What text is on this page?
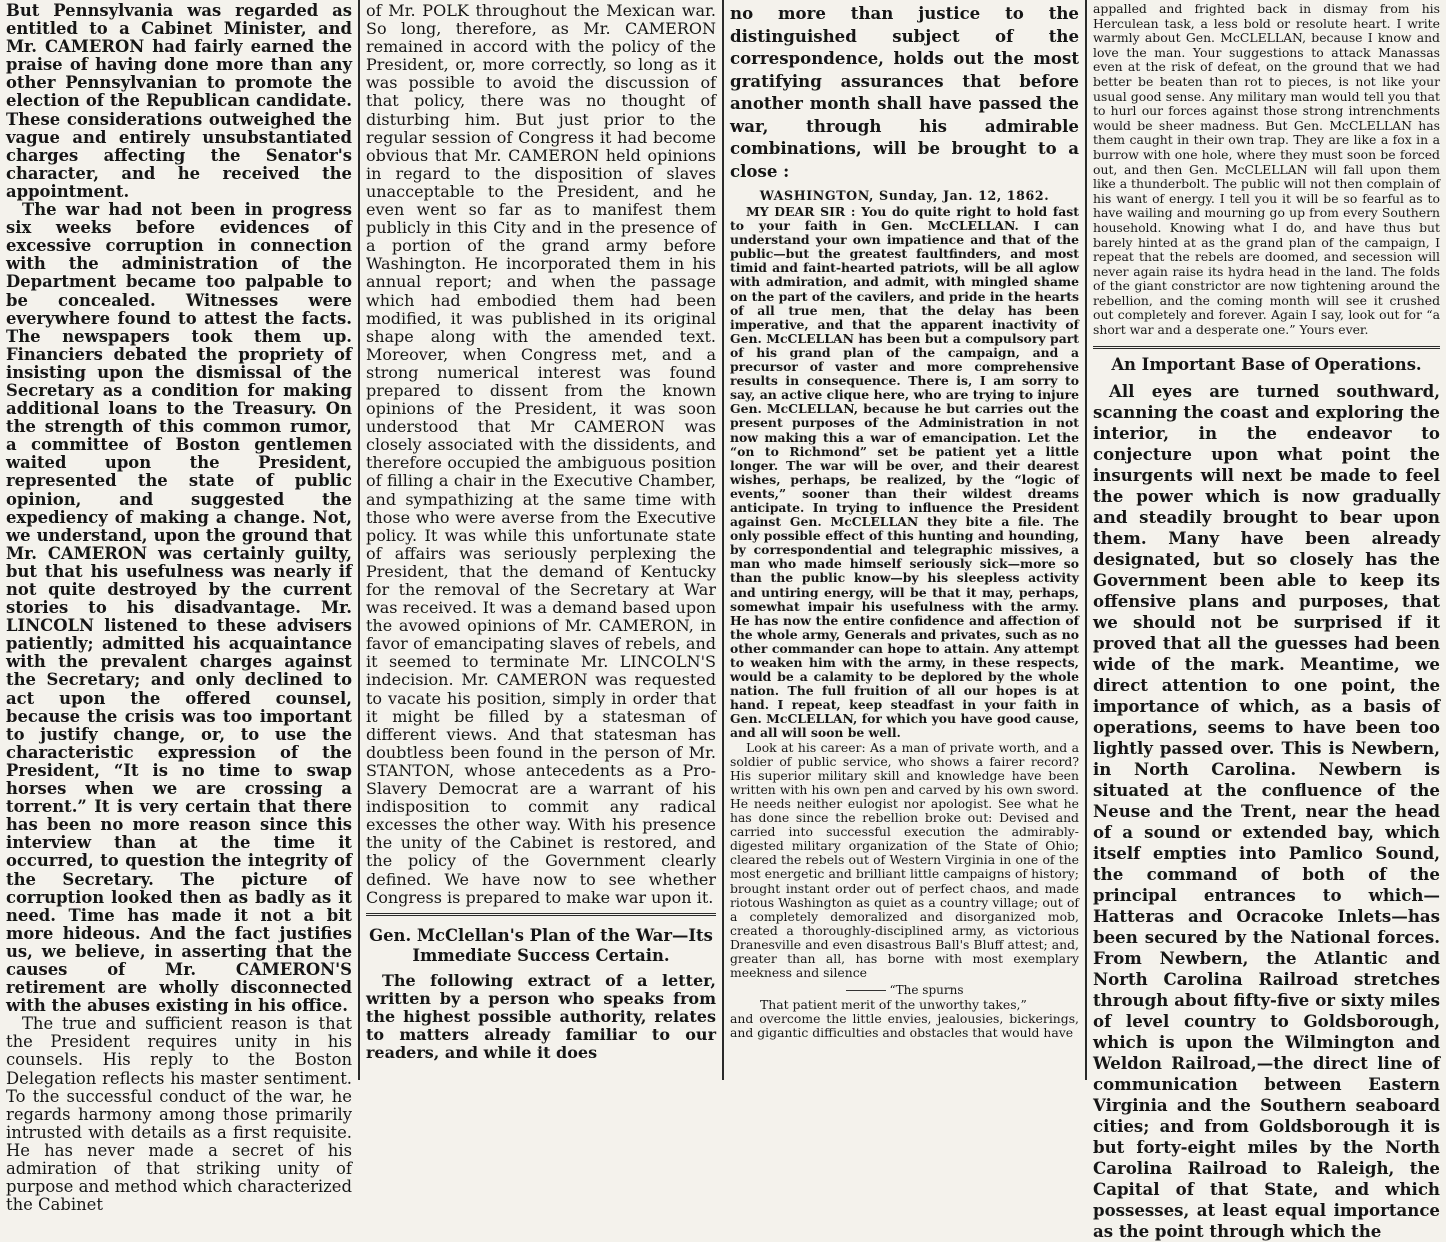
But Pennsylvania was regarded as entitled to a Cabinet Minister, and Mr. CAMERON had fairly earned the praise of having done more than any other Pennsylvanian to promote the election of the Republican candidate. These considerations outweighed the vague and entirely unsubstantiated charges affecting the Senator's character, and he received the appointment.

The war had not been in progress six weeks before evidences of excessive corruption in connection with the administration of the Department became too palpable to be concealed. Witnesses were everywhere found to attest the facts. The newspapers took them up. Financiers debated the propriety of insisting upon the dismissal of the Secretary as a condition for making additional loans to the Treasury. On the strength of this common rumor, a committee of Boston gentlemen waited upon the President, represented the state of public opinion, and suggested the expediency of making a change. Not, we understand, upon the ground that Mr. CAMERON was certainly guilty, but that his usefulness was nearly if not quite destroyed by the current stories to his disadvantage. Mr. LINCOLN listened to these advisers patiently; admitted his acquaintance with the prevalent charges against the Secretary; and only declined to act upon the offered counsel, because the crisis was too important to justify change, or, to use the characteristic expression of the President, “It is no time to swap horses when we are crossing a torrent.” It is very certain that there has been no more reason since this interview than at the time it occurred, to question the integrity of the Secretary. The picture of corruption looked then as badly as it need. Time has made it not a bit more hideous. And the fact justifies us, we believe, in asserting that the causes of Mr. CAMERON'S retirement are wholly disconnected with the abuses existing in his office.

The true and sufficient reason is that the President requires unity in his counsels. His reply to the Boston Delegation reflects his master sentiment. To the successful conduct of the war, he regards harmony among those primarily intrusted with details as a first requisite. He has never made a secret of his admiration of that striking unity of purpose and method which characterized the Cabinet

of Mr. POLK throughout the Mexican war. So long, therefore, as Mr. CAMERON remained in accord with the policy of the President, or, more correctly, so long as it was possible to avoid the discussion of that policy, there was no thought of disturbing him. But just prior to the regular session of Congress it had become obvious that Mr. CAMERON held opinions in regard to the disposition of slaves unacceptable to the President, and he even went so far as to manifest them publicly in this City and in the presence of a portion of the grand army before Washington. He incorporated them in his annual report; and when the passage which had embodied them had been modified, it was published in its original shape along with the amended text. Moreover, when Congress met, and a strong numerical interest was found prepared to dissent from the known opinions of the President, it was soon understood that Mr CAMERON was closely associated with the dissidents, and therefore occupied the ambiguous position of filling a chair in the Executive Chamber, and sympathizing at the same time with those who were averse from the Executive policy. It was while this unfortunate state of affairs was seriously perplexing the President, that the demand of Kentucky for the removal of the Secretary at War was received. It was a demand based upon the avowed opinions of Mr. CAMERON, in favor of emancipating slaves of rebels, and it seemed to terminate Mr. LINCOLN'S indecision. Mr. CAMERON was requested to vacate his position, simply in order that it might be filled by a statesman of different views. And that statesman has doubtless been found in the person of Mr. STANTON, whose antecedents as a Pro-Slavery Democrat are a warrant of his indisposition to commit any radical excesses the other way. With his presence the unity of the Cabinet is restored, and the policy of the Government clearly defined. We have now to see whether Congress is prepared to make war upon it.

Gen. McClellan's Plan of the War—Its Immediate Success Certain.

The following extract of a letter, written by a person who speaks from the highest possible authority, relates to matters already familiar to our readers, and while it does

no more than justice to the distinguished subject of the correspondence, holds out the most gratifying assurances that before another month shall have passed the war, through his admirable combinations, will be brought to a close :

WASHINGTON, Sunday, Jan. 12, 1862.

MY DEAR SIR : You do quite right to hold fast to your faith in Gen. McCLELLAN. I can understand your own impatience and that of the public—but the greatest faultfinders, and most timid and faint-hearted patriots, will be all aglow with admiration, and admit, with mingled shame on the part of the cavilers, and pride in the hearts of all true men, that the delay has been imperative, and that the apparent inactivity of Gen. McCLELLAN has been but a compulsory part of his grand plan of the campaign, and a precursor of vaster and more comprehensive results in consequence. There is, I am sorry to say, an active clique here, who are trying to injure Gen. McCLELLAN, because he but carries out the present purposes of the Administration in not now making this a war of emancipation. Let the “on to Richmond” set be patient yet a little longer. The war will be over, and their dearest wishes, perhaps, be realized, by the “logic of events,” sooner than their wildest dreams anticipate. In trying to influence the President against Gen. McCLELLAN they bite a file. The only possible effect of this hunting and hounding, by correspondential and telegraphic missives, a man who made himself seriously sick—more so than the public know—by his sleepless activity and untiring energy, will be that it may, perhaps, somewhat impair his usefulness with the army. He has now the entire confidence and affection of the whole army, Generals and privates, such as no other commander can hope to attain. Any attempt to weaken him with the army, in these respects, would be a calamity to be deplored by the whole nation. The full fruition of all our hopes is at hand. I repeat, keep steadfast in your faith in Gen. McCLELLAN, for which you have good cause, and all will soon be well.

Look at his career: As a man of private worth, and a soldier of public service, who shows a fairer record? His superior military skill and knowledge have been written with his own pen and carved by his own sword. He needs neither eulogist nor apologist. See what he has done since the rebellion broke out: Devised and carried into successful execution the admirably-digested military organization of the State of Ohio; cleared the rebels out of Western Virginia in one of the most energetic and brilliant little campaigns of history; brought instant order out of perfect chaos, and made riotous Washington as quiet as a country village; out of a completely demoralized and disorganized mob, created a thoroughly-disciplined army, as victorious Dranesville and even disastrous Ball's Bluff attest; and, greater than all, has borne with most exemplary meekness and silence

“The spurns

That patient merit of the unworthy takes,”

and overcome the little envies, jealousies, bickerings, and gigantic difficulties and obstacles that would have

appalled and frighted back in dismay from his Herculean task, a less bold or resolute heart. I write warmly about Gen. McCLELLAN, because I know and love the man. Your suggestions to attack Manassas even at the risk of defeat, on the ground that we had better be beaten than rot to pieces, is not like your usual good sense. Any military man would tell you that to hurl our forces against those strong intrenchments would be sheer madness. But Gen. McCLELLAN has them caught in their own trap. They are like a fox in a burrow with one hole, where they must soon be forced out, and then Gen. McCLELLAN will fall upon them like a thunderbolt. The public will not then complain of his want of energy. I tell you it will be so fearful as to have wailing and mourning go up from every Southern household. Knowing what I do, and have thus but barely hinted at as the grand plan of the campaign, I repeat that the rebels are doomed, and secession will never again raise its hydra head in the land. The folds of the giant constrictor are now tightening around the rebellion, and the coming month will see it crushed out completely and forever. Again I say, look out for “a short war and a desperate one.” Yours ever.

An Important Base of Operations.

All eyes are turned southward, scanning the coast and exploring the interior, in the endeavor to conjecture upon what point the insurgents will next be made to feel the power which is now gradually and steadily brought to bear upon them. Many have been already designated, but so closely has the Government been able to keep its offensive plans and purposes, that we should not be surprised if it proved that all the guesses had been wide of the mark. Meantime, we direct attention to one point, the importance of which, as a basis of operations, seems to have been too lightly passed over. This is Newbern, in North Carolina. Newbern is situated at the confluence of the Neuse and the Trent, near the head of a sound or extended bay, which itself empties into Pamlico Sound, the command of both of the principal entrances to which—Hatteras and Ocracoke Inlets—has been secured by the National forces. From Newbern, the Atlantic and North Carolina Railroad stretches through about fifty-five or sixty miles of level country to Goldsborough, which is upon the Wilmington and Weldon Railroad,—the direct line of communication between Eastern Virginia and the Southern seaboard cities; and from Goldsborough it is but forty-eight miles by the North Carolina Railroad to Raleigh, the Capital of that State, and which possesses, at least equal importance as the point through which the
